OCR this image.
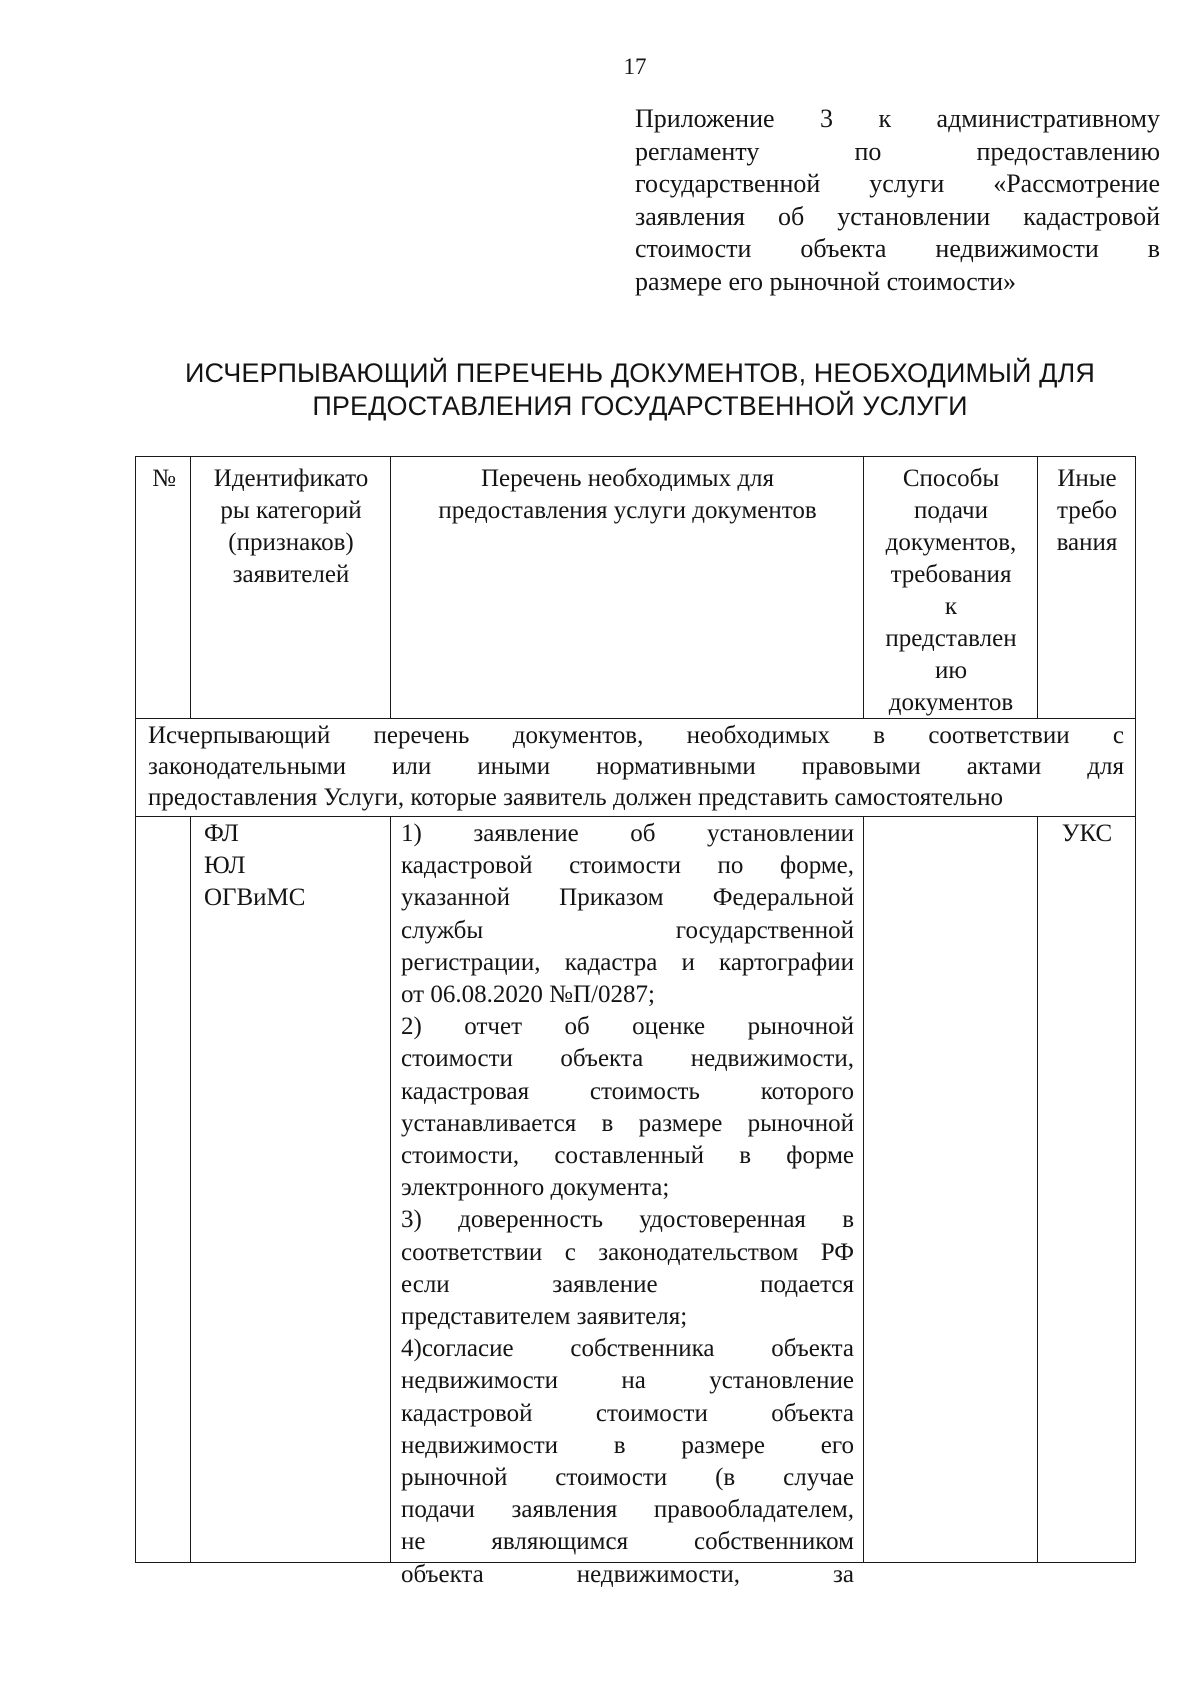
17
Приложение 3 к административному
регламенту по предоставлению
государственной услуги «Рассмотрение
заявления об установлении кадастровой
стоимости объекта недвижимости в
размере его рыночной стоимости»
ИСЧЕРПЫВАЮЩИЙ ПЕРЕЧЕНЬ ДОКУМЕНТОВ, НЕОБХОДИМЫЙ ДЛЯ
ПРЕДОСТАВЛЕНИЯ ГОСУДАРСТВЕННОЙ УСЛУГИ
№	Идентификато
ры категорий
(признаков)
заявителей
Перечень необходимых для
предоставления услуги документов
Способы
подачи
документов,
требования
к
представлен
ию
документов
Иные
требо
вания
Исчерпывающий перечень документов, необходимых в соответствии с
законодательными или иными нормативными правовыми актами для
предоставления Услуги, которые заявитель должен представить самостоятельно
ФЛ
ЮЛ
ОГВиМС
1) заявление об установлении
кадастровой стоимости по форме,
указанной Приказом Федеральной
службы государственной
регистрации, кадастра и картографии
от 06.08.2020 №П/0287;
2) отчет об оценке рыночной
стоимости объекта недвижимости,
кадастровая стоимость которого
устанавливается в размере рыночной
стоимости, составленный в форме
электронного документа;
3) доверенность удостоверенная в
соответствии с законодательством РФ
если заявление подается
представителем заявителя;
4)согласие собственника объекта
недвижимости на установление
кадастровой стоимости объекта
недвижимости в размере его
рыночной стоимости (в случае
подачи заявления правообладателем,
не являющимся собственником
объекта недвижимости, за
УКС
